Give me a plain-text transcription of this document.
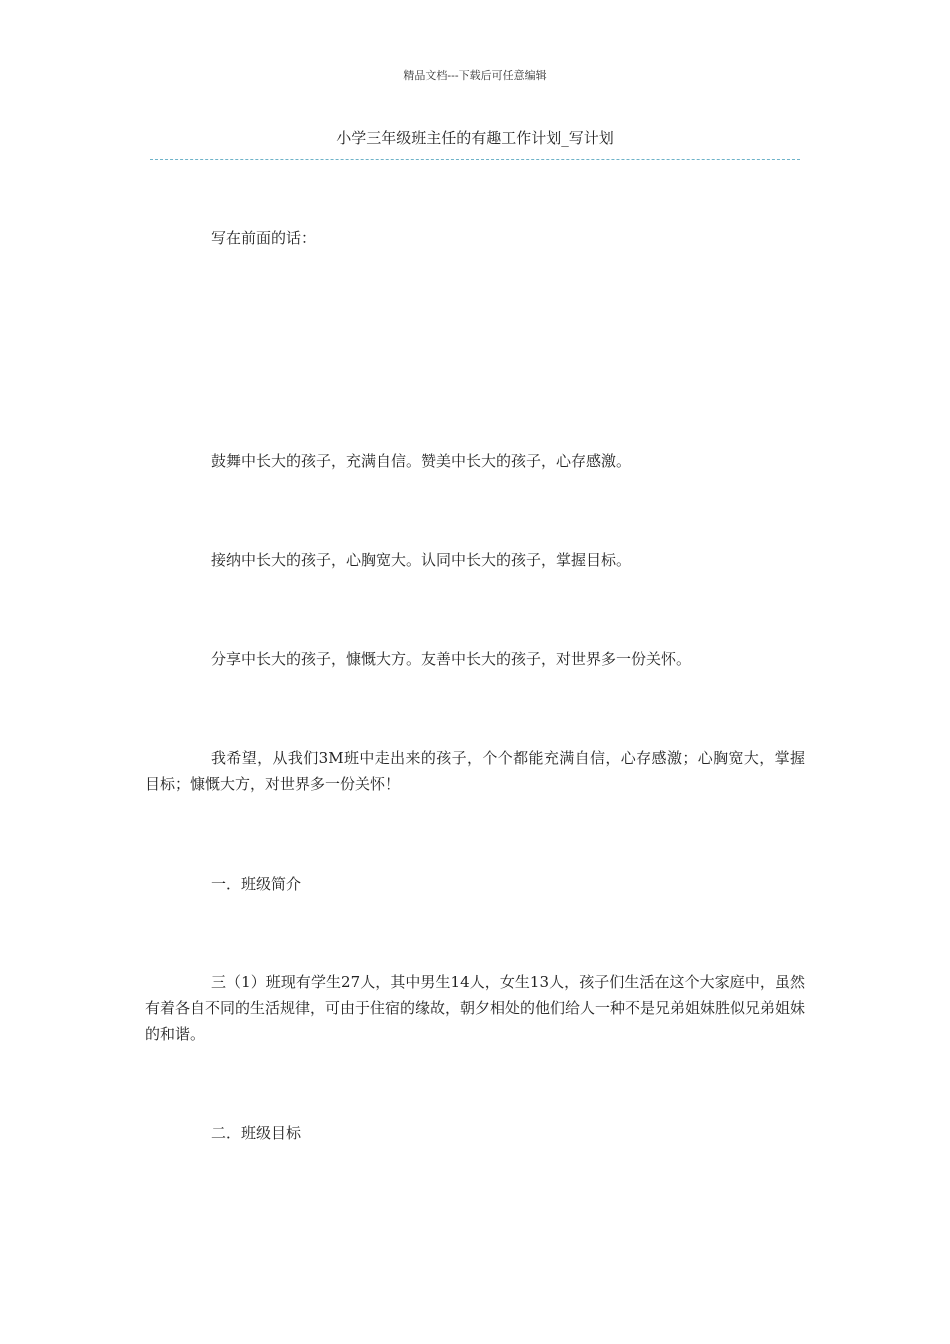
精品文档---下载后可任意编辑
小学三年级班主任的有趣工作计划_写计划
写在前面的话：
鼓舞中长大的孩子，充满自信。赞美中长大的孩子，心存感激。
接纳中长大的孩子，心胸宽大。认同中长大的孩子，掌握目标。
分享中长大的孩子，慷慨大方。友善中长大的孩子，对世界多一份关怀。
我希望，从我们3M班中走出来的孩子，个个都能充满自信，心存感激；心胸宽大，掌握目标；慷慨大方，对世界多一份关怀！
一．班级简介
三（1）班现有学生27人，其中男生14人，女生13人，孩子们生活在这个大家庭中，虽然有着各自不同的生活规律，可由于住宿的缘故，朝夕相处的他们给人一种不是兄弟姐妹胜似兄弟姐妹的和谐。
二．班级目标
